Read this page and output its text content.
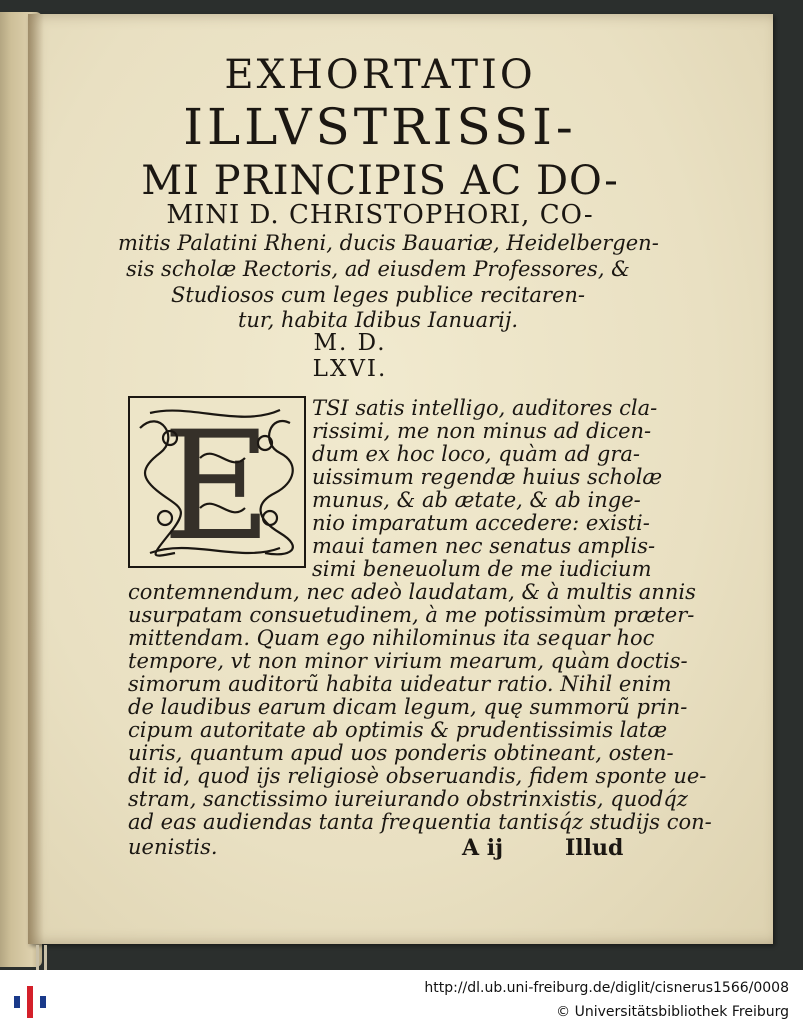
EXHORTATIO
ILLVSTRISSI-
MI PRINCIPIS AC DO-
MINI D. CHRISTOPHORI, CO-
mitis Palatini Rheni, ducis Bauariæ, Heidelbergen-
sis scholæ Rectoris, ad eiusdem Professores, &
Studiosos cum leges publice recitaren-
tur, habita Idibus Ianuarij.
M. D. LXVI.
E TSI satis intelligo, auditores cla-
rissimi, me non minus ad dicen-
dum ex hoc loco, quàm ad gra-
uissimum regendæ huius scholæ
munus, & ab ætate, & ab inge-
nio imparatum accedere: existi-
maui tamen nec senatus amplis-
simi beneuolum de me iudicium
contemnendum, nec adeò laudatam, & à multis annis
usurpatam consuetudinem, à me potissimùm præter-
mittendam. Quam ego nihilominus ita sequar hoc
tempore, vt non minor virium mearum, quàm doctis-
simorum auditorũ habita uideatur ratio. Nihil enim
de laudibus earum dicam legum, quę summorũ prin-
cipum autoritate ab optimis & prudentissimis latæ
uiris, quantum apud uos ponderis obtineant, osten-
dit id, quod ijs religiosè obseruandis, fidem sponte ue-
stram, sanctissimo iureiurando obstrinxistis, quodq́z
ad eas audiendas tanta frequentia tantisq́z studijs con-
uenistis.	A ij	Illud
http://dl.ub.uni-freiburg.de/diglit/cisnerus1566/0008
© Universitätsbibliothek Freiburg
